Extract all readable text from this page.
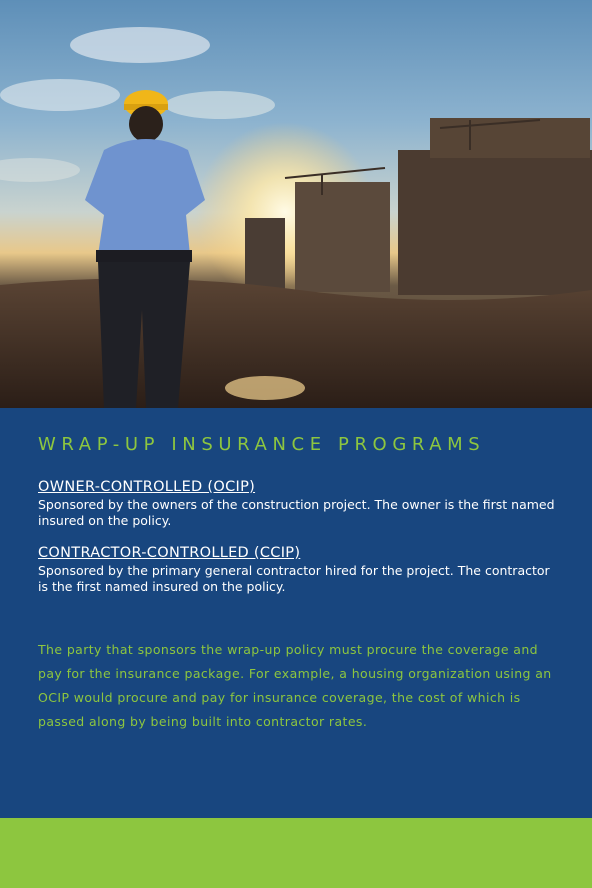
WRAP-UP INSURANCE PROGRAMS
OWNER-CONTROLLED (OCIP)
Sponsored by the owners of the construction project. The owner is the first named insured on the policy.
CONTRACTOR-CONTROLLED (CCIP)
Sponsored by the primary general contractor hired for the project. The contractor is the first named insured on the policy.
The party that sponsors the wrap-up policy must procure the coverage and pay for the insurance package. For example, a housing organization using an OCIP would procure and pay for insurance coverage, the cost of which is passed along by being built into contractor rates.
